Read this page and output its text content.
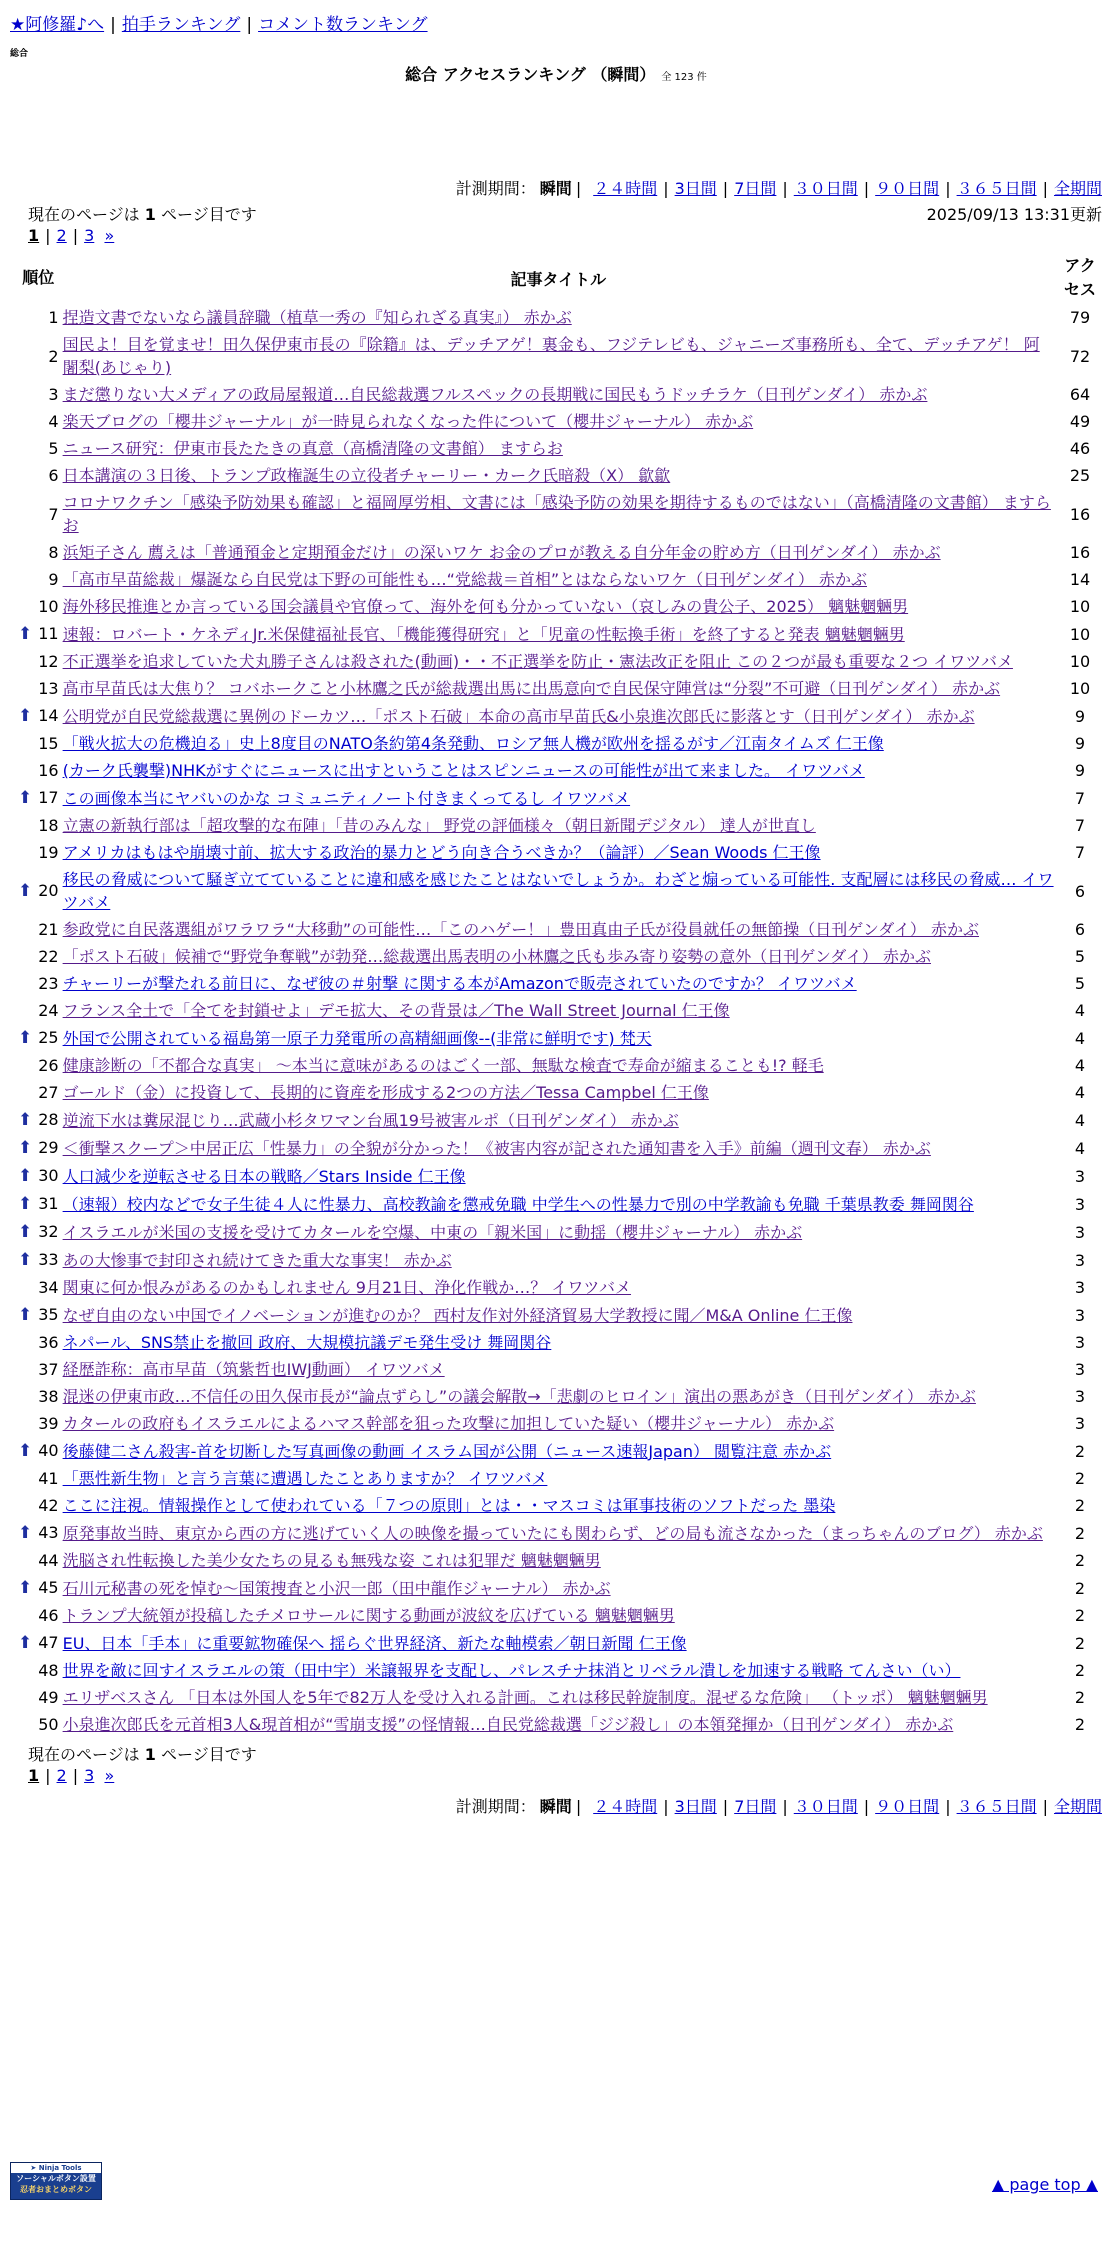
★阿修羅♪へ | 拍手ランキング | コメント数ランキング
総合
総合 アクセスランキング （瞬間） 全 123 件
計測期間： 瞬間 | ２４時間 | 3日間 | 7日間 | ３０日間 | ９０日間 | ３６５日間 | 全期間
現在のページは 1 ページ目です	2025/09/13 13:31更新
1 | 2 | 3 »
順位	記事タイトル	アクセス
1	捏造文書でないなら議員辞職（植草一秀の『知られざる真実』） 赤かぶ	79
2	国民よ！目を覚ませ！田久保伊東市長の『除籍』は、デッチアゲ！裏金も、フジテレビも、ジャニーズ事務所も、全て、デッチアゲ！ 阿闍梨(あじゃり)	72
3	まだ懲りない大メディアの政局屋報道…自民総裁選フルスペックの長期戦に国民もうドッチラケ（日刊ゲンダイ） 赤かぶ	64
4	楽天ブログの「櫻井ジャーナル」が一時見られなくなった件について（櫻井ジャーナル） 赤かぶ	49
5	ニュース研究：伊東市長たたきの真意（高橋清隆の文書館） ますらお	46
6	日本講演の３日後、トランプ政権誕生の立役者チャーリー・カーク氏暗殺（X） 歙歙	25
7	コロナワクチン「感染予防効果も確認」と福岡厚労相、文書には「感染予防の効果を期待するものではない」（高橋清隆の文書館） ますらお	16
8	浜矩子さん 薦えは「普通預金と定期預金だけ」の深いワケ お金のプロが教える自分年金の貯め方（日刊ゲンダイ） 赤かぶ	16
9	「高市早苗総裁」爆誕なら自民党は下野の可能性も…“党総裁＝首相”とはならないワケ（日刊ゲンダイ） 赤かぶ	14
10	海外移民推進とか言っている国会議員や官僚って、海外を何も分かっていない（哀しみの貴公子、2025） 魑魅魍魎男	10
⬆ 11	速報：ロバート・ケネディJr.米保健福祉長官、「機能獲得研究」と「児童の性転換手術」を終了すると発表 魑魅魍魎男	10
12	不正選挙を追求していた犬丸勝子さんは殺された(動画)・・不正選挙を防止・憲法改正を阻止 この２つが最も重要な２つ イワツバメ	10
13	高市早苗氏は大焦り？ コバホークこと小林鷹之氏が総裁選出馬に出馬意向で自民保守陣営は“分裂”不可避（日刊ゲンダイ） 赤かぶ	10
⬆ 14	公明党が自民党総裁選に異例のドーカツ…「ポスト石破」本命の高市早苗氏&小泉進次郎氏に影落とす（日刊ゲンダイ） 赤かぶ	9
15	「戦火拡大の危機迫る」史上8度目のNATO条約第4条発動、ロシア無人機が欧州を揺るがす／江南タイムズ 仁王像	9
16	(カーク氏襲撃)NHKがすぐにニュースに出すということはスピンニュースの可能性が出て来ました。 イワツバメ	9
⬆ 17	この画像本当にヤバいのかな コミュニティノート付きまくってるし イワツバメ	7
18	立憲の新執行部は「超攻撃的な布陣」「昔のみんな」 野党の評価様々（朝日新聞デジタル） 達人が世直し	7
19	アメリカはもはや崩壊寸前、拡大する政治的暴力とどう向き合うべきか？（論評）／Sean Woods 仁王像	7
⬆ 20	移民の脅威について騒ぎ立てていることに違和感を感じたことはないでしょうか。わざと煽っている可能性. 支配層には移民の脅威… イワツバメ	6
21	参政党に自民落選組がワラワラ“大移動”の可能性…「このハゲー！」豊田真由子氏が役員就任の無節操（日刊ゲンダイ） 赤かぶ	6
22	「ポスト石破」候補で“野党争奪戦”が勃発…総裁選出馬表明の小林鷹之氏も歩み寄り姿勢の意外（日刊ゲンダイ） 赤かぶ	5
23	チャーリーが撃たれる前日に、なぜ彼の＃射撃 に関する本がAmazonで販売されていたのですか？ イワツバメ	5
24	フランス全土で「全てを封鎖せよ」デモ拡大、その背景は／The Wall Street Journal 仁王像	4
⬆ 25	外国で公開されている福島第一原子力発電所の高精細画像--(非常に鮮明です) 梵天	4
26	健康診断の「不都合な真実」 〜本当に意味があるのはごく一部、無駄な検査で寿命が縮まることも!? 軽毛	4
27	ゴールド（金）に投資して、長期的に資産を形成する2つの方法／Tessa Campbel 仁王像	4
⬆ 28	逆流下水は糞尿混じり…武蔵小杉タワマン台風19号被害ルポ（日刊ゲンダイ） 赤かぶ	4
⬆ 29	＜衝撃スクープ＞中居正広「性暴力」の全貌が分かった！《被害内容が記された通知書を入手》前編（週刊文春） 赤かぶ	4
⬆ 30	人口減少を逆転させる日本の戦略／Stars Inside 仁王像	3
⬆ 31	（速報）校内などで女子生徒４人に性暴力、高校教諭を懲戒免職 中学生への性暴力で別の中学教諭も免職 千葉県教委 舞岡関谷	3
⬆ 32	イスラエルが米国の支援を受けてカタールを空爆、中東の「親米国」に動揺（櫻井ジャーナル） 赤かぶ	3
⬆ 33	あの大惨事で封印され続けてきた重大な事実！ 赤かぶ	3
34	関東に何か恨みがあるのかもしれません 9月21日、浄化作戦か…？ イワツバメ	3
⬆ 35	なぜ自由のない中国でイノベーションが進むのか？ 西村友作対外経済貿易大学教授に聞／M&A Online 仁王像	3
36	ネパール、SNS禁止を撤回 政府、大規模抗議デモ発生受け 舞岡関谷	3
37	経歴詐称：高市早苗（筑紫哲也IWJ動画） イワツバメ	3
38	混迷の伊東市政…不信任の田久保市長が“論点ずらし”の議会解散→「悲劇のヒロイン」演出の悪あがき（日刊ゲンダイ） 赤かぶ	3
39	カタールの政府もイスラエルによるハマス幹部を狙った攻撃に加担していた疑い（櫻井ジャーナル） 赤かぶ	3
⬆ 40	後藤健二さん殺害-首を切断した写真画像の動画 イスラム国が公開（ニュース速報Japan） 閲覧注意 赤かぶ	2
41	「悪性新生物」と言う言葉に遭遇したことありますか？ イワツバメ	2
42	ここに注視。情報操作として使われている「７つの原則」とは・・マスコミは軍事技術のソフトだった 墨染	2
⬆ 43	原発事故当時、東京から西の方に逃げていく人の映像を撮っていたにも関わらず、どの局も流さなかった（まっちゃんのブログ） 赤かぶ	2
44	洗脳され性転換した美少女たちの見るも無残な姿 これは犯罪だ 魑魅魍魎男	2
⬆ 45	石川元秘書の死を悼む〜国策捜査と小沢一郎（田中龍作ジャーナル） 赤かぶ	2
46	トランプ大統領が投稿したチメロサールに関する動画が波紋を広げている 魑魅魍魎男	2
⬆ 47	EU、日本「手本」に重要鉱物確保へ 揺らぐ世界経済、新たな軸模索／朝日新聞 仁王像	2
48	世界を敵に回すイスラエルの策（田中宇）米譲報界を支配し、パレスチナ抹消とリベラル潰しを加速する戦略 てんさい（い）	2
49	エリザベスさん 「日本は外国人を5年で82万人を受け入れる計画。これは移民幹旋制度。混ぜるな危険」 （トッポ） 魑魅魍魎男	2
50	小泉進次郎氏を元首相3人&現首相が“雪崩支援”の怪情報…自民党総裁選「ジジ殺し」の本領発揮か（日刊ゲンダイ） 赤かぶ	2
現在のページは 1 ページ目です
1 | 2 | 3 »
計測期間： 瞬間 | ２４時間 | 3日間 | 7日間 | ３０日間 | ９０日間 | ３６５日間 | 全期間
➤ Ninja Tools
ソーシャルボタン設置
忍者おまとめボタン	▲ page top ▲
